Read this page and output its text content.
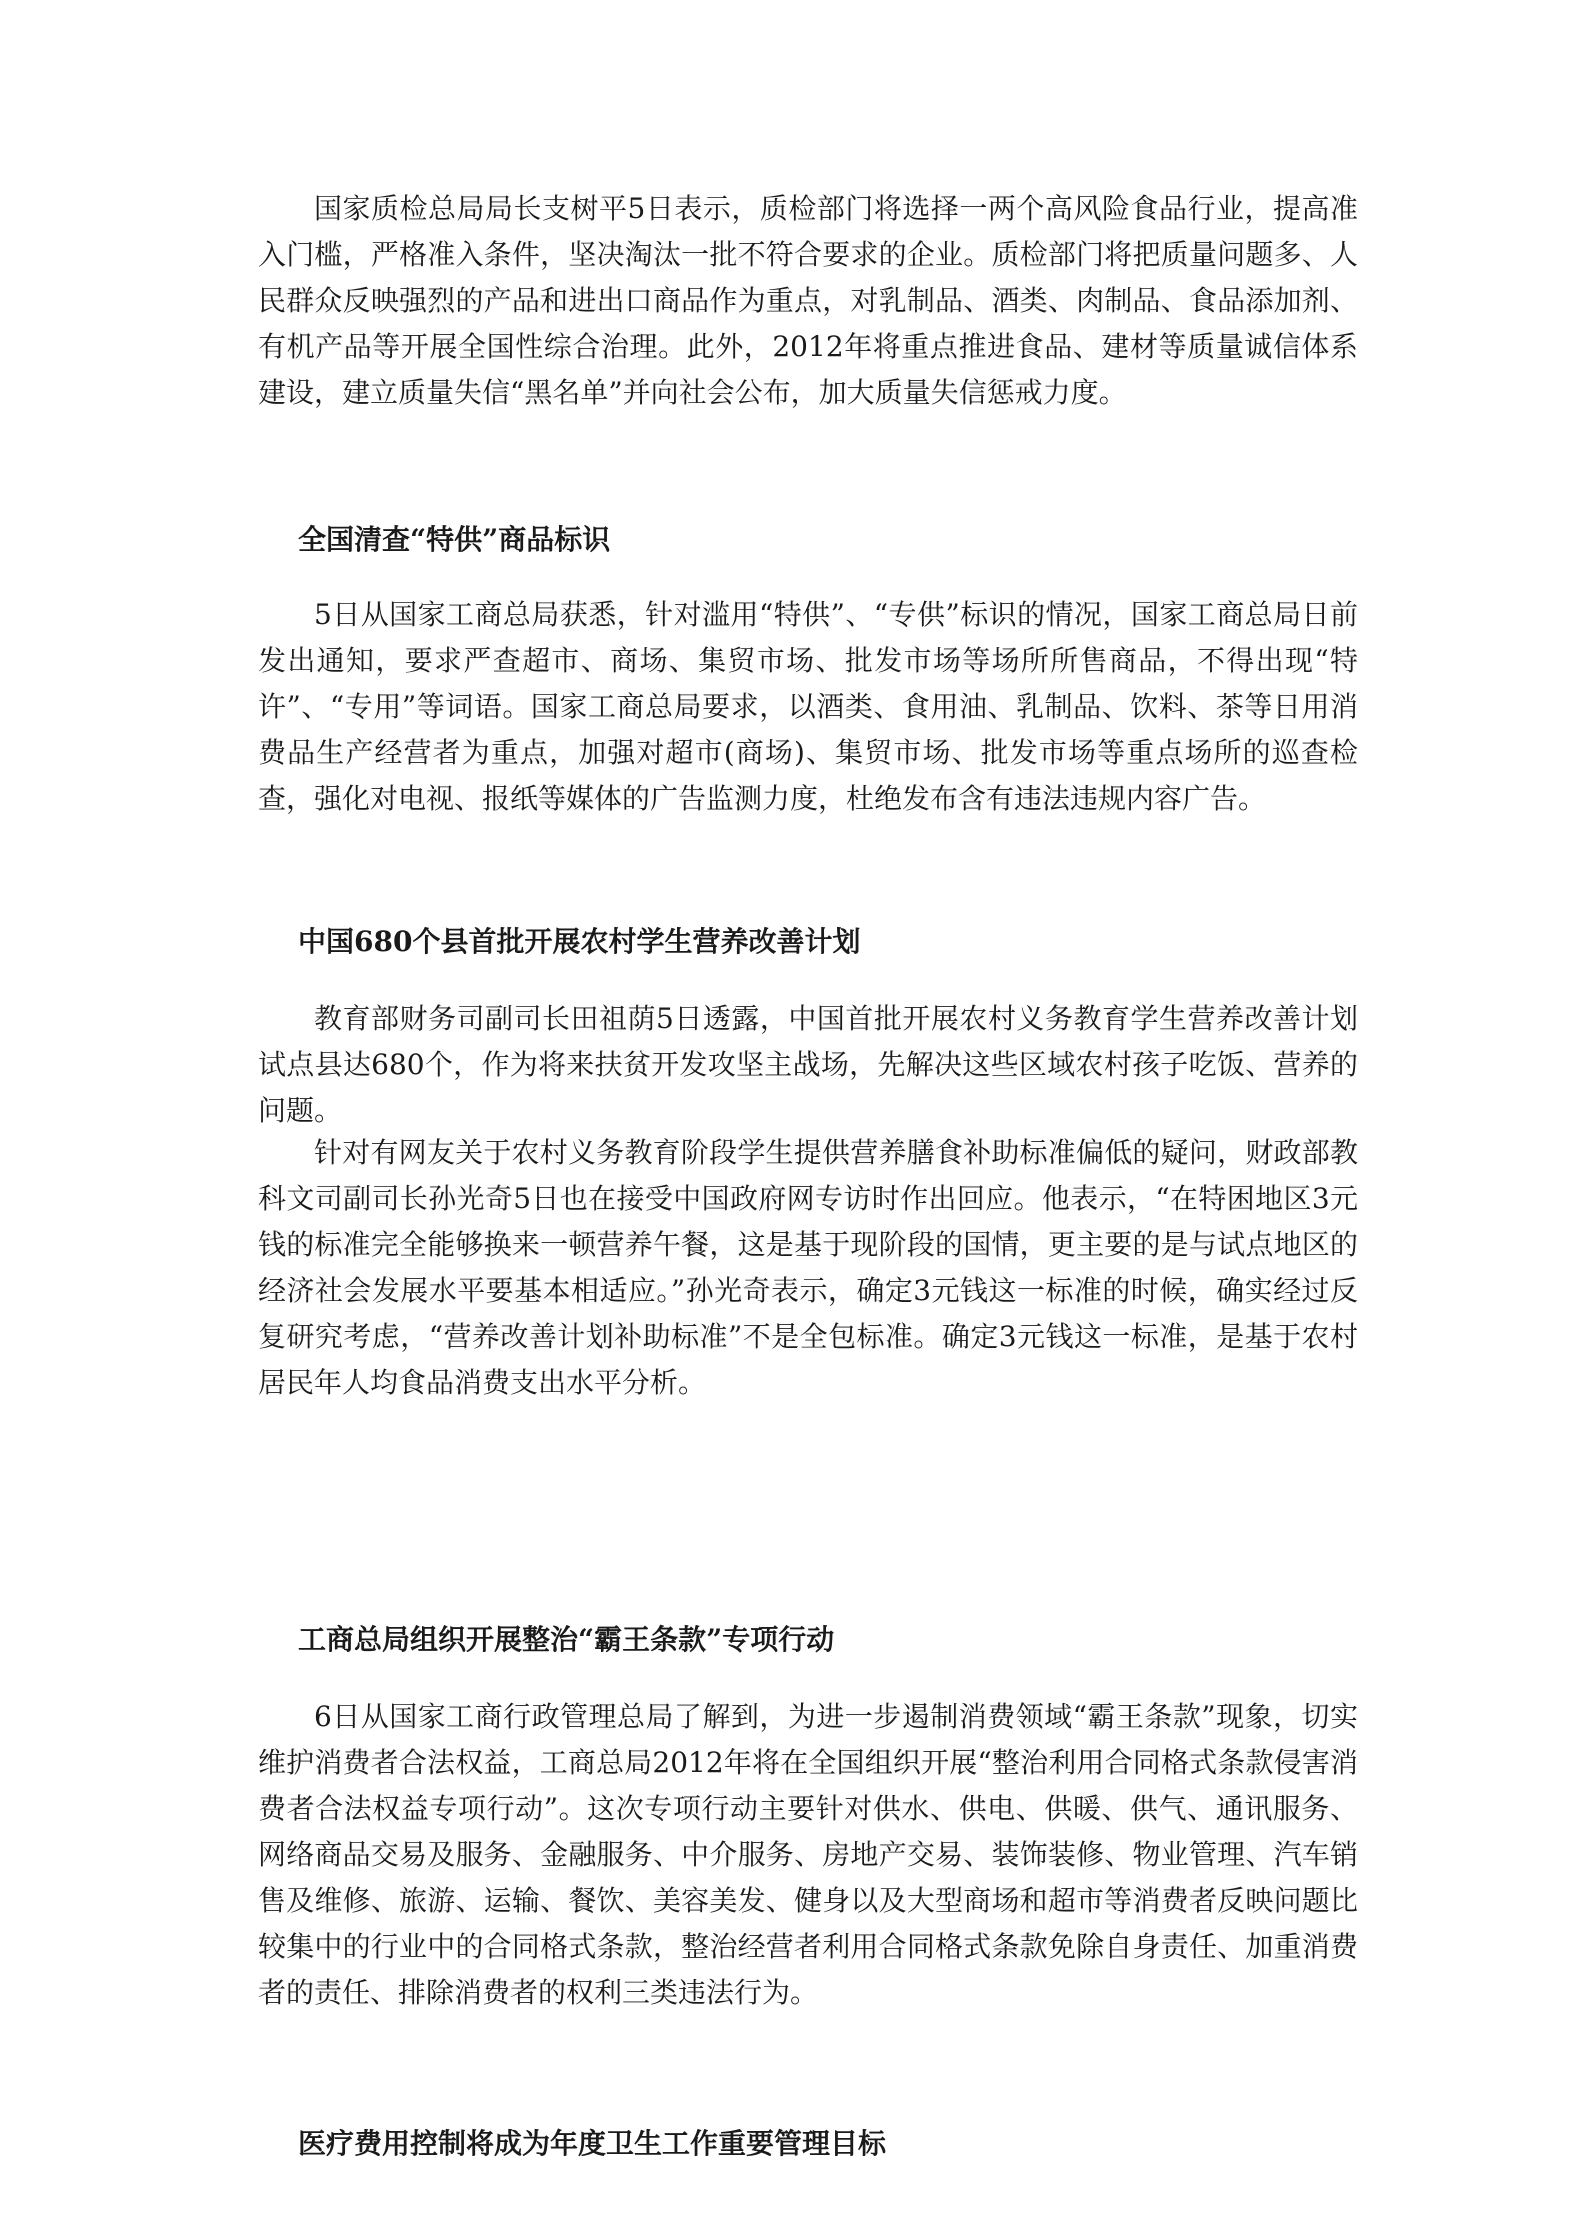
国家质检总局局长支树平5日表示，质检部门将选择一两个高风险食品行业，提高准入门槛，严格准入条件，坚决淘汰一批不符合要求的企业。质检部门将把质量问题多、人民群众反映强烈的产品和进出口商品作为重点，对乳制品、酒类、肉制品、食品添加剂、有机产品等开展全国性综合治理。此外，2012年将重点推进食品、建材等质量诚信体系建设，建立质量失信“黑名单”并向社会公布，加大质量失信惩戒力度。

全国清查“特供”商品标识

5日从国家工商总局获悉，针对滥用“特供”、“专供”标识的情况，国家工商总局日前发出通知，要求严查超市、商场、集贸市场、批发市场等场所所售商品，不得出现“特许”、“专用”等词语。国家工商总局要求，以酒类、食用油、乳制品、饮料、茶等日用消费品生产经营者为重点，加强对超市(商场)、集贸市场、批发市场等重点场所的巡查检查，强化对电视、报纸等媒体的广告监测力度，杜绝发布含有违法违规内容广告。

中国680个县首批开展农村学生营养改善计划

教育部财务司副司长田祖荫5日透露，中国首批开展农村义务教育学生营养改善计划试点县达680个，作为将来扶贫开发攻坚主战场，先解决这些区域农村孩子吃饭、营养的问题。

针对有网友关于农村义务教育阶段学生提供营养膳食补助标准偏低的疑问，财政部教科文司副司长孙光奇5日也在接受中国政府网专访时作出回应。他表示，“在特困地区3元钱的标准完全能够换来一顿营养午餐，这是基于现阶段的国情，更主要的是与试点地区的经济社会发展水平要基本相适应。”孙光奇表示，确定3元钱这一标准的时候，确实经过反复研究考虑，“营养改善计划补助标准”不是全包标准。确定3元钱这一标准，是基于农村居民年人均食品消费支出水平分析。

工商总局组织开展整治“霸王条款”专项行动

6日从国家工商行政管理总局了解到，为进一步遏制消费领域“霸王条款”现象，切实维护消费者合法权益，工商总局2012年将在全国组织开展“整治利用合同格式条款侵害消费者合法权益专项行动”。这次专项行动主要针对供水、供电、供暖、供气、通讯服务、网络商品交易及服务、金融服务、中介服务、房地产交易、装饰装修、物业管理、汽车销售及维修、旅游、运输、餐饮、美容美发、健身以及大型商场和超市等消费者反映问题比较集中的行业中的合同格式条款，整治经营者利用合同格式条款免除自身责任、加重消费者的责任、排除消费者的权利三类违法行为。

医疗费用控制将成为年度卫生工作重要管理目标
